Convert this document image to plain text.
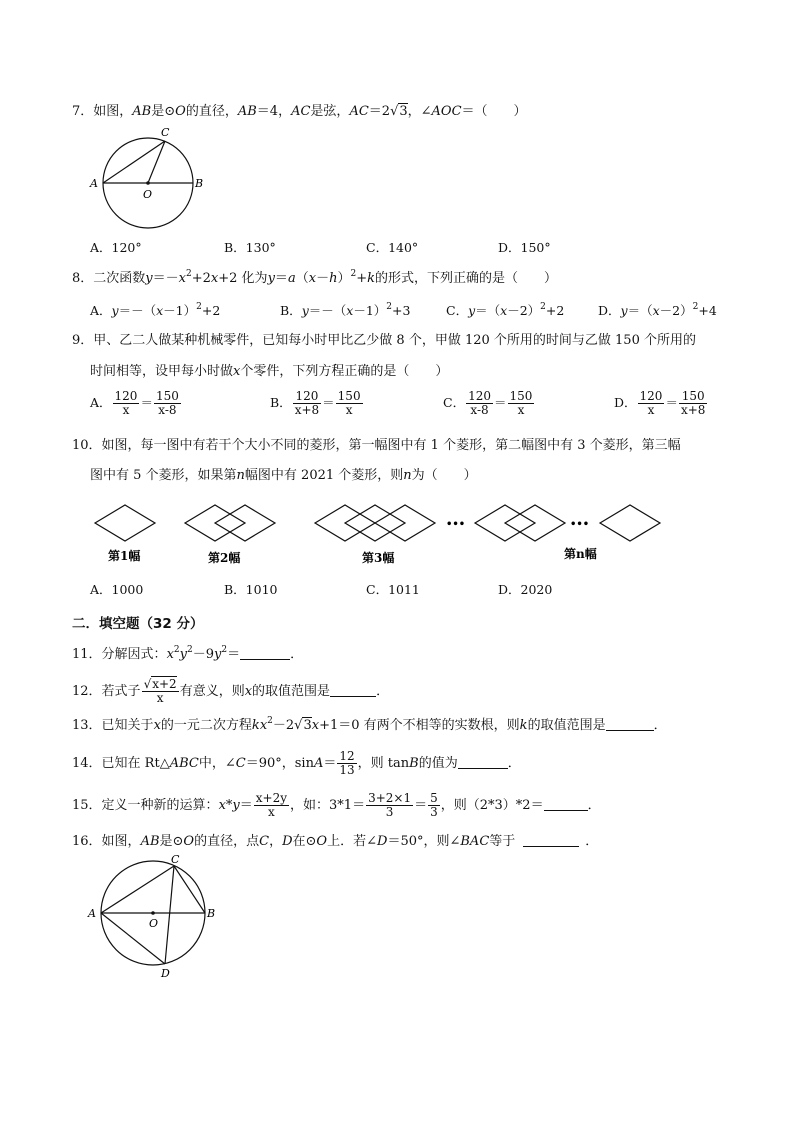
7．如图，AB是⊙O的直径，AB＝4，AC是弦，AC＝2√3，∠AOC＝（　　）
A	B
C
O
A．120°	B．130°	C．140°	D．150°
8．二次函数$y=-x^2+2x+2$ 化为$y=a(x-h)^2+k$的形式，下列正确的是（　　）
A．$y=-(x-1)^2+2$	B．$y=-(x-1)^2+3$	C．$y=(x-2)^2+2$	D．$y=(x-2)^2+4$
9．甲、乙二人做某种机械零件，已知每小时甲比乙少做 8 个，甲做 120 个所用的时间与乙做 150 个所用的
时间相等，设甲每小时做x个零件，下列方程正确的是（　　）
A． $\frac{120}{x} = \frac{150}{x-8}$	B． $\frac{120}{x+8} = \frac{150}{x}$	C． $\frac{120}{x-8} = \frac{150}{x}$	D． $\frac{120}{x} = \frac{150}{x+8}$
10．如图，每一图中有若干个大小不同的菱形，第一幅图中有 1 个菱形，第二幅图中有 3 个菱形，第三幅
图中有 5 个菱形，如果第n幅图中有 2021 个菱形，则n为（　　）
•••	•••
第1幅	第2幅	第3幅	第n幅
A．1000	B．1010	C．1011	D．2020
二．填空题（32 分）
11．分解因式：$x^2y^2-9y^2=$	．
12．若式子 $\frac{√x+2}{x}$ 有意义，则x的取值范围是	．
13．已知关于x的一元二次方程$kx^2-2√3x+1=0$ 有两个不相等的实数根，则k的取值范围是	．
14．已知在 Rt△ABC中，∠C＝90°，$\sin A= \frac{12}{13}$ ，则 tanB的值为	．
15．定义一种新的运算：$x*y= \frac{x+2y}{x}$ ，如：$3*1= \frac{3+2\times 1}{3} = \frac{5}{3}$ ，则（2*3）*2＝	．
16．如图，AB是⊙O的直径，点C，D在⊙O上．若∠D＝50°，则∠BAC等于	．
A	B
C
D
O
